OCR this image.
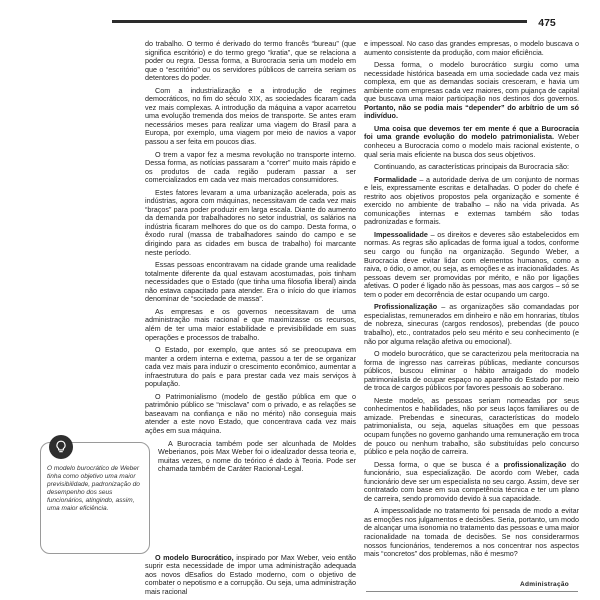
475

do trabalho. O termo é derivado do termo francês “bureau” (que significa escritório) e do termo grego “kratia”, que se relaciona a poder ou regra. Dessa forma, a Burocracia seria um modelo em que o “escritório” ou os servidores públicos de carreira seriam os detentores do poder.

Com a industrialização e a introdução de regimes democráticos, no fim do século XIX, as sociedades ficaram cada vez mais complexas. A introdução da máquina a vapor acarretou uma evolução tremenda dos meios de transporte. Se antes eram necessários meses para realizar uma viagem do Brasil para a Europa, por exemplo, uma viagem por meio de navios a vapor passou a ser feita em poucos dias.

O trem a vapor fez a mesma revolução no transporte interno. Dessa forma, as notícias passaram a “correr” muito mais rápido e os produtos de cada região puderam passar a ser comercializados em cada vez mais mercados consumidores.

Estes fatores levaram a uma urbanização acelerada, pois as indústrias, agora com máquinas, necessitavam de cada vez mais “braços” para poder produzir em larga escala. Diante do aumento da demanda por trabalhadores no setor industrial, os salários na indústria ficaram melhores do que os do campo. Desta forma, o êxodo rural (massa de trabalhadores saindo do campo e se dirigindo para as cidades em busca de trabalho) foi marcante neste período.

Essas pessoas encontravam na cidade grande uma realidade totalmente diferente da qual estavam acostumadas, pois tinham necessidades que o Estado (que tinha uma filosofia liberal) ainda não estava capacitado para atender. Era o início do que iríamos denominar de “sociedade de massa”.

As empresas e os governos necessitavam de uma administração mais racional e que maximizasse os recursos, além de ter uma maior estabilidade e previsibilidade em suas operações e processos de trabalho.

O Estado, por exemplo, que antes só se preocupava em manter a ordem interna e externa, passou a ter de se organizar cada vez mais para induzir o crescimento econômico, aumentar a infraestrutura do país e para prestar cada vez mais serviços à população.

O Patrimonialismo (modelo de gestão pública em que o patrimônio público se “misclava” com o privado, e as relações se baseavam na confiança e não no mérito) não conseguia mais atender a este novo Estado, que concentrava cada vez mais ações em sua máquina.

O modelo burocrático de Weber tinha como objetivo uma maior previsibilidade, padronização do desempenho dos seus funcionários, atingindo, assim, uma maior eficiência.

A Burocracia também pode ser alcunhada de Moldes Weberianos, pois Max Weber foi o idealizador dessa teoria e, muitas vezes, o nome do teórico é dado à Teoria. Pode ser chamada também de Caráter Racional-Legal.

O modelo Burocrático, inspirado por Max Weber, veio então suprir esta necessidade de impor uma administração adequada aos novos dEsafios do Estado moderno, com o objetivo de combater o nepotismo e a corrupção. Ou seja, uma administração mais racional

e impessoal. No caso das grandes empresas, o modelo buscava o aumento consistente da produção, com maior eficiência.

Dessa forma, o modelo burocrático surgiu como uma necessidade histórica baseada em uma sociedade cada vez mais complexa, em que as demandas sociais cresceram, e havia um ambiente com empresas cada vez maiores, com pujança de capital que buscava uma maior participação nos destinos dos governos. Portanto, não se podia mais “depender” do arbítrio de um só indivíduo.

Uma coisa que devemos ter em mente é que a Burocracia foi uma grande evolução do modelo patrimonialista. Weber conheceu a Burocracia como o modelo mais racional existente, o qual seria mais eficiente na busca dos seus objetivos.

Continuando, as características principais da Burocracia são:

Formalidade – a autoridade deriva de um conjunto de normas e leis, expressamente escritas e detalhadas. O poder do chefe é restrito aos objetivos propostos pela organização e somente é exercido no ambiente de trabalho – não na vida privada. As comunicações internas e externas também são todas padronizadas e formais.

Impessoalidade – os direitos e deveres são estabelecidos em normas. As regras são aplicadas de forma igual a todos, conforme seu cargo ou função na organização. Segundo Weber, a Burocracia deve evitar lidar com elementos humanos, como a raiva, o ódio, o amor, ou seja, as emoções e as irracionalidades. As pessoas devem ser promovidas por mérito, e não por ligações afetivas. O poder é ligado não às pessoas, mas aos cargos – só se tem o poder em decorrência de estar ocupando um cargo.

Profissionalização – as organizações são comandadas por especialistas, remunerados em dinheiro e não em honrarias, títulos de nobreza, sinecuras (cargos rendosos), prebendas (de pouco trabalho), etc., contratados pelo seu mérito e seu conhecimento (e não por alguma relação afetiva ou emocional).

O modelo burocrático, que se caracterizou pela meritocracia na forma de ingresso nas carreiras públicas, mediante concursos públicos, buscou eliminar o hábito arraigado do modelo patrimonialista de ocupar espaço no aparelho do Estado por meio de troca de cargos públicos por favores pessoais ao soberano.

Neste modelo, as pessoas seriam nomeadas por seus conhecimentos e habilidades, não por seus laços familiares ou de amizade. Prebendas e sinecuras, características do modelo patrimonialista, ou seja, aquelas situações em que pessoas ocupam funções no governo ganhando uma remuneração em troca de pouco ou nenhum trabalho, são substituídas pelo concurso público e pela noção de carreira.

Dessa forma, o que se busca é a profissionalização do funcionário, sua especialização. De acordo com Weber, cada funcionário deve ser um especialista no seu cargo. Assim, deve ser contratado com base em sua competência técnica e ter um plano de carreira, sendo promovido devido à sua capacidade.

A impessoalidade no tratamento foi pensada de modo a evitar as emoções nos julgamentos e decisões. Seria, portanto, um modo de alcançar uma isonomia no tratamento das pessoas e uma maior racionalidade na tomada de decisões. Se nos considerarmos nossos funcionários, tenderemos a nos concentrar nos aspectos mais “concretos” dos problemas, não é mesmo?

Administração
